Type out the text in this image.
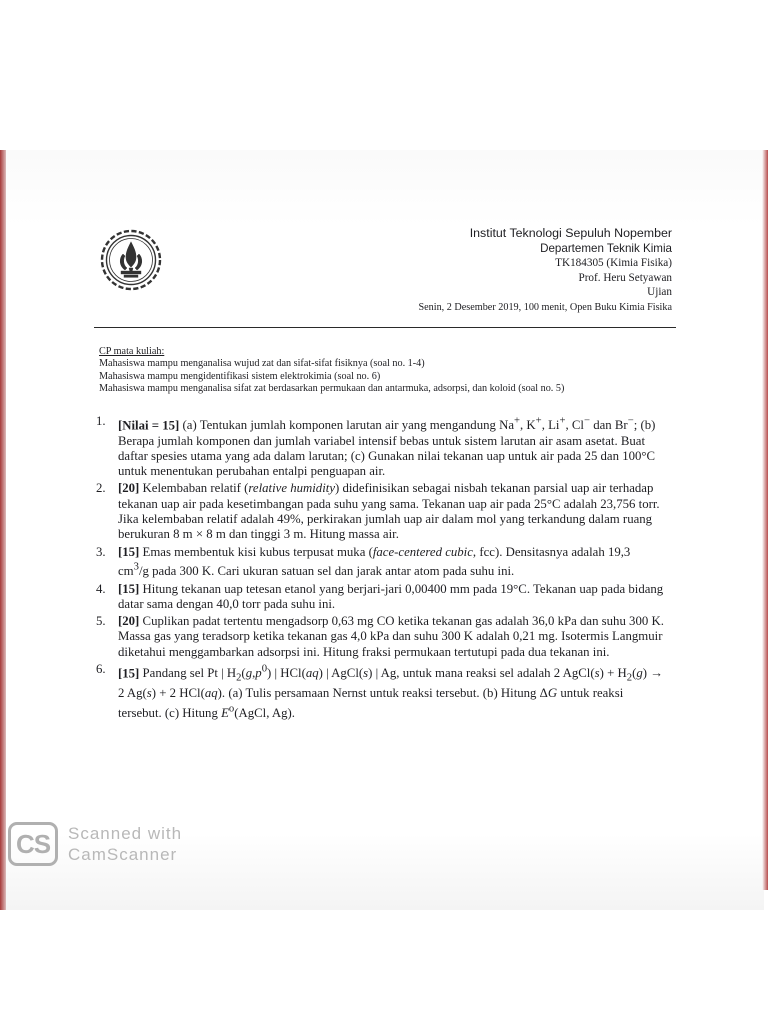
Institut Teknologi Sepuluh Nopember
Departemen Teknik Kimia
TK184305 (Kimia Fisika)
Prof. Heru Setyawan
Ujian
Senin, 2 Desember 2019, 100 menit, Open Buku Kimia Fisika
CP mata kuliah:
Mahasiswa mampu menganalisa wujud zat dan sifat-sifat fisiknya (soal no. 1-4)
Mahasiswa mampu mengidentifikasi sistem elektrokimia (soal no. 6)
Mahasiswa mampu menganalisa sifat zat berdasarkan permukaan dan antarmuka, adsorpsi, dan koloid (soal no. 5)
1. [Nilai = 15] (a) Tentukan jumlah komponen larutan air yang mengandung Na+, K+, Li+, Cl− dan Br−; (b) Berapa jumlah komponen dan jumlah variabel intensif bebas untuk sistem larutan air asam asetat. Buat daftar spesies utama yang ada dalam larutan; (c) Gunakan nilai tekanan uap untuk air pada 25 dan 100°C untuk menentukan perubahan entalpi penguapan air.
2. [20] Kelembaban relatif (relative humidity) didefinisikan sebagai nisbah tekanan parsial uap air terhadap tekanan uap air pada kesetimbangan pada suhu yang sama. Tekanan uap air pada 25°C adalah 23,756 torr. Jika kelembaban relatif adalah 49%, perkirakan jumlah uap air dalam mol yang terkandung dalam ruang berukuran 8 m × 8 m dan tinggi 3 m. Hitung massa air.
3. [15] Emas membentuk kisi kubus terpusat muka (face-centered cubic, fcc). Densitasnya adalah 19,3 $cm^3/g$ pada 300 K. Cari ukuran satuan sel dan jarak antar atom pada suhu ini.
4. [15] Hitung tekanan uap tetesan etanol yang berjari-jari 0,00400 mm pada 19°C. Tekanan uap pada bidang datar sama dengan 40,0 torr pada suhu ini.
5. [20] Cuplikan padat tertentu mengadsorp 0,63 mg CO ketika tekanan gas adalah 36,0 kPa dan suhu 300 K. Massa gas yang teradsorp ketika tekanan gas 4,0 kPa dan suhu 300 K adalah 0,21 mg. Isotermis Langmuir diketahui menggambarkan adsorpsi ini. Hitung fraksi permukaan tertutupi pada dua tekanan ini.
6. [15] Pandang sel Pt | $H_2(g,p^0)$ | HCl(aq) | AgCl(s) | Ag, untuk mana reaksi sel adalah 2 AgCl(s) + $H_2(g) \to 2$ Ag(s) + 2 HCl(aq). (a) Tulis persamaan Nernst untuk reaksi tersebut. (b) Hitung ΔG untuk reaksi tersebut. (c) Hitung $E^o(AgCl$, Ag).
CS	Scanned with
CamScanner
